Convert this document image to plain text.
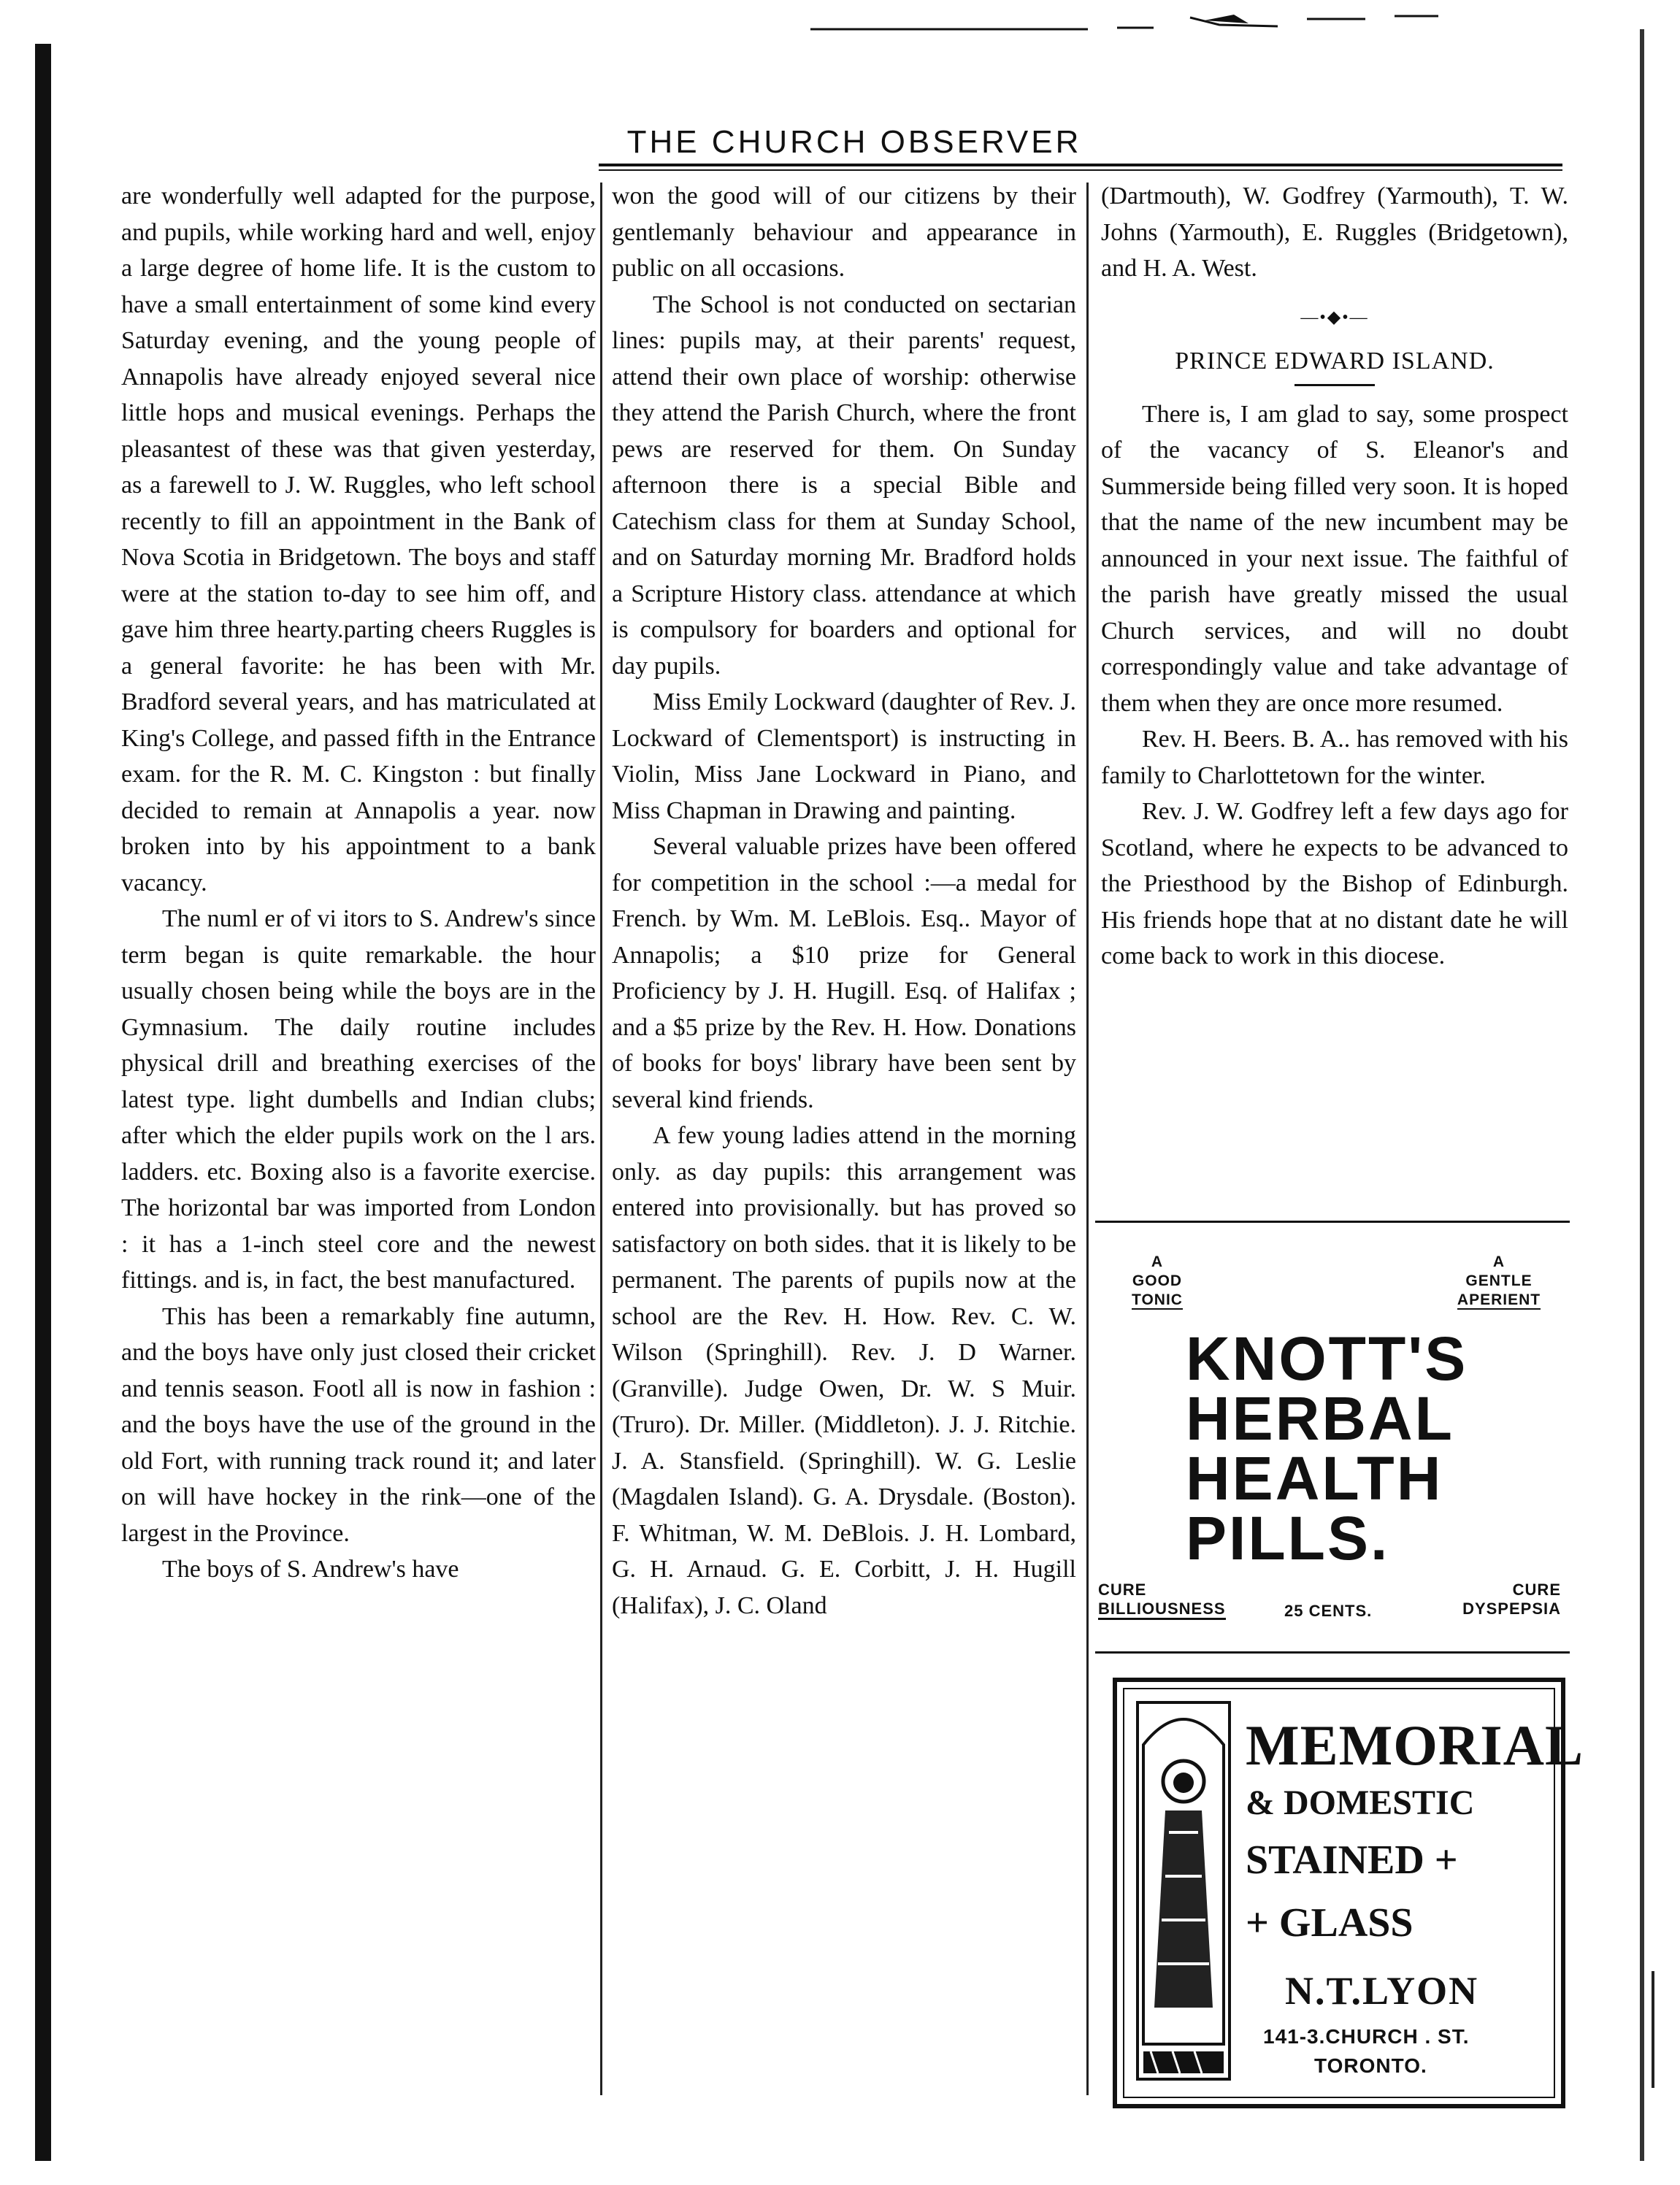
THE CHURCH OBSERVER

are wonderfully well adapted for the purpose, and pupils, while working hard and well, enjoy a large degree of home life. It is the custom to have a small entertainment of some kind every Saturday evening, and the young people of Annapolis have already enjoyed several nice little hops and musical evenings. Perhaps the pleasantest of these was that given yesterday, as a farewell to J. W. Ruggles, who left school recently to fill an appointment in the Bank of Nova Scotia in Bridgetown. The boys and staff were at the station to-day to see him off, and gave him three hearty.parting cheers Ruggles is a general favorite: he has been with Mr. Bradford several years, and has matriculated at King's College, and passed fifth in the Entrance exam. for the R. M. C. Kingston : but finally decided to remain at Annapolis a year. now broken into by his appointment to a bank vacancy.

The numl er of vi itors to S. Andrew's since term began is quite remarkable. the hour usually chosen being while the boys are in the Gymnasium. The daily routine includes physical drill and breathing exercises of the latest type. light dumbells and Indian clubs; after which the elder pupils work on the l ars. ladders. etc. Boxing also is a favorite exercise. The horizontal bar was imported from London : it has a 1-inch steel core and the newest fittings. and is, in fact, the best manufactured.

This has been a remarkably fine autumn, and the boys have only just closed their cricket and tennis season. Footl all is now in fashion : and the boys have the use of the ground in the old Fort, with running track round it; and later on will have hockey in the rink—one of the largest in the Province.

The boys of S. Andrew's have

won the good will of our citizens by their gentlemanly behaviour and appearance in public on all occasions.

The School is not conducted on sectarian lines: pupils may, at their parents' request, attend their own place of worship: otherwise they attend the Parish Church, where the front pews are reserved for them. On Sunday afternoon there is a special Bible and Catechism class for them at Sunday School, and on Saturday morning Mr. Bradford holds a Scripture History class. attendance at which is compulsory for boarders and optional for day pupils.

Miss Emily Lockward (daughter of Rev. J. Lockward of Clementsport) is instructing in Violin, Miss Jane Lockward in Piano, and Miss Chapman in Drawing and painting.

Several valuable prizes have been offered for competition in the school :—a medal for French. by Wm. M. LeBlois. Esq.. Mayor of Annapolis; a $10 prize for General Proficiency by J. H. Hugill. Esq. of Halifax ; and a $5 prize by the Rev. H. How. Donations of books for boys' library have been sent by several kind friends.

A few young ladies attend in the morning only. as day pupils: this arrangement was entered into provisionally. but has proved so satisfactory on both sides. that it is likely to be permanent. The parents of pupils now at the school are the Rev. H. How. Rev. C. W. Wilson (Springhill). Rev. J. D Warner. (Granville). Judge Owen, Dr. W. S Muir. (Truro). Dr. Miller. (Middleton). J. J. Ritchie. J. A. Stansfield. (Springhill). W. G. Leslie (Magdalen Island). G. A. Drysdale. (Boston). F. Whitman, W. M. DeBlois. J. H. Lombard, G. H. Arnaud. G. E. Corbitt, J. H. Hugill (Halifax), J. C. Oland

(Dartmouth), W. Godfrey (Yarmouth), T. W. Johns (Yarmouth), E. Ruggles (Bridgetown), and H. A. West.

—•◆•—
PRINCE EDWARD ISLAND.

There is, I am glad to say, some prospect of the vacancy of S. Eleanor's and Summerside being filled very soon. It is hoped that the name of the new incumbent may be announced in your next issue. The faithful of the parish have greatly missed the usual Church services, and will no doubt correspondingly value and take advantage of them when they are once more resumed.

Rev. H. Beers. B. A.. has removed with his family to Charlottetown for the winter.

Rev. J. W. Godfrey left a few days ago for Scotland, where he expects to be advanced to the Priesthood by the Bishop of Edinburgh. His friends hope that at no distant date he will come back to work in this diocese.

A
GOOD
TONIC
A
GENTLE
APERIENT
KNOTT'S
HERBAL
HEALTH
PILLS.
CURE
BILLIOUSNESS	25 CENTS.
CURE
DYSPEPSIA
MEMORIAL
& DOMESTIC
STAINED +
+ GLASS
N.T.LYON
141-3.CHURCH . ST.
TORONTO.
